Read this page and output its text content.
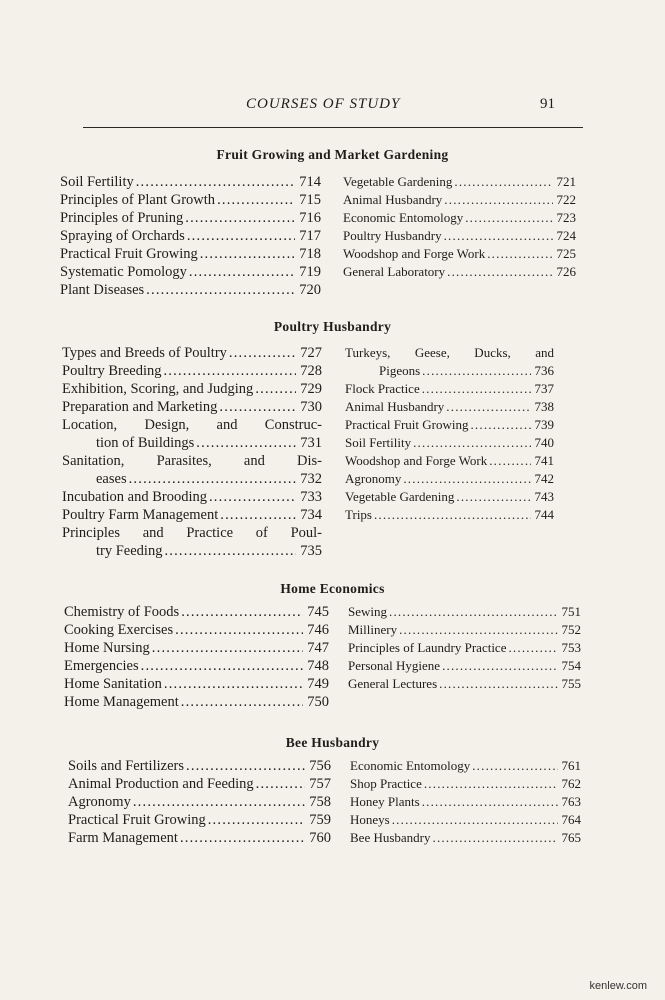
COURSES OF STUDY	91
Fruit Growing and Market Gardening
Soil Fertility .....	714
Principles of Plant Growth .....	715
Principles of Pruning .....	716
Spraying of Orchards .....	717
Practical Fruit Growing .....	718
Systematic Pomology .....	719
Plant Diseases .....	720
Vegetable Gardening .....	721
Animal Husbandry .....	722
Economic Entomology .....	723
Poultry Husbandry .....	724
Woodshop and Forge Work .....	725
General Laboratory .....	726
Poultry Husbandry
Types and Breeds of Poultry .....	727
Poultry Breeding .....	728
Exhibition, Scoring, and Judging .....	729
Preparation and Marketing .....	730
Location, Design, and Construc-
tion of Buildings .....	731
Sanitation, Parasites, and Dis-
eases .....	732
Incubation and Brooding .....	733
Poultry Farm Management .....	734
Principles and Practice of Poul-
try Feeding .....	735
Turkeys, Geese, Ducks, and
Pigeons .....	736
Flock Practice .....	737
Animal Husbandry .....	738
Practical Fruit Growing .....	739
Soil Fertility .....	740
Woodshop and Forge Work .....	741
Agronomy .....	742
Vegetable Gardening .....	743
Trips .....	744
Home Economics
Chemistry of Foods .....	745
Cooking Exercises .....	746
Home Nursing .....	747
Emergencies .....	748
Home Sanitation .....	749
Home Management .....	750
Sewing .....	751
Millinery .....	752
Principles of Laundry Practice .....	753
Personal Hygiene .....	754
General Lectures .....	755
Bee Husbandry
Soils and Fertilizers .....	756
Animal Production and Feeding .....	757
Agronomy .....	758
Practical Fruit Growing .....	759
Farm Management .....	760
Economic Entomology .....	761
Shop Practice .....	762
Honey Plants .....	763
Honeys .....	764
Bee Husbandry .....	765
kenlew.com
